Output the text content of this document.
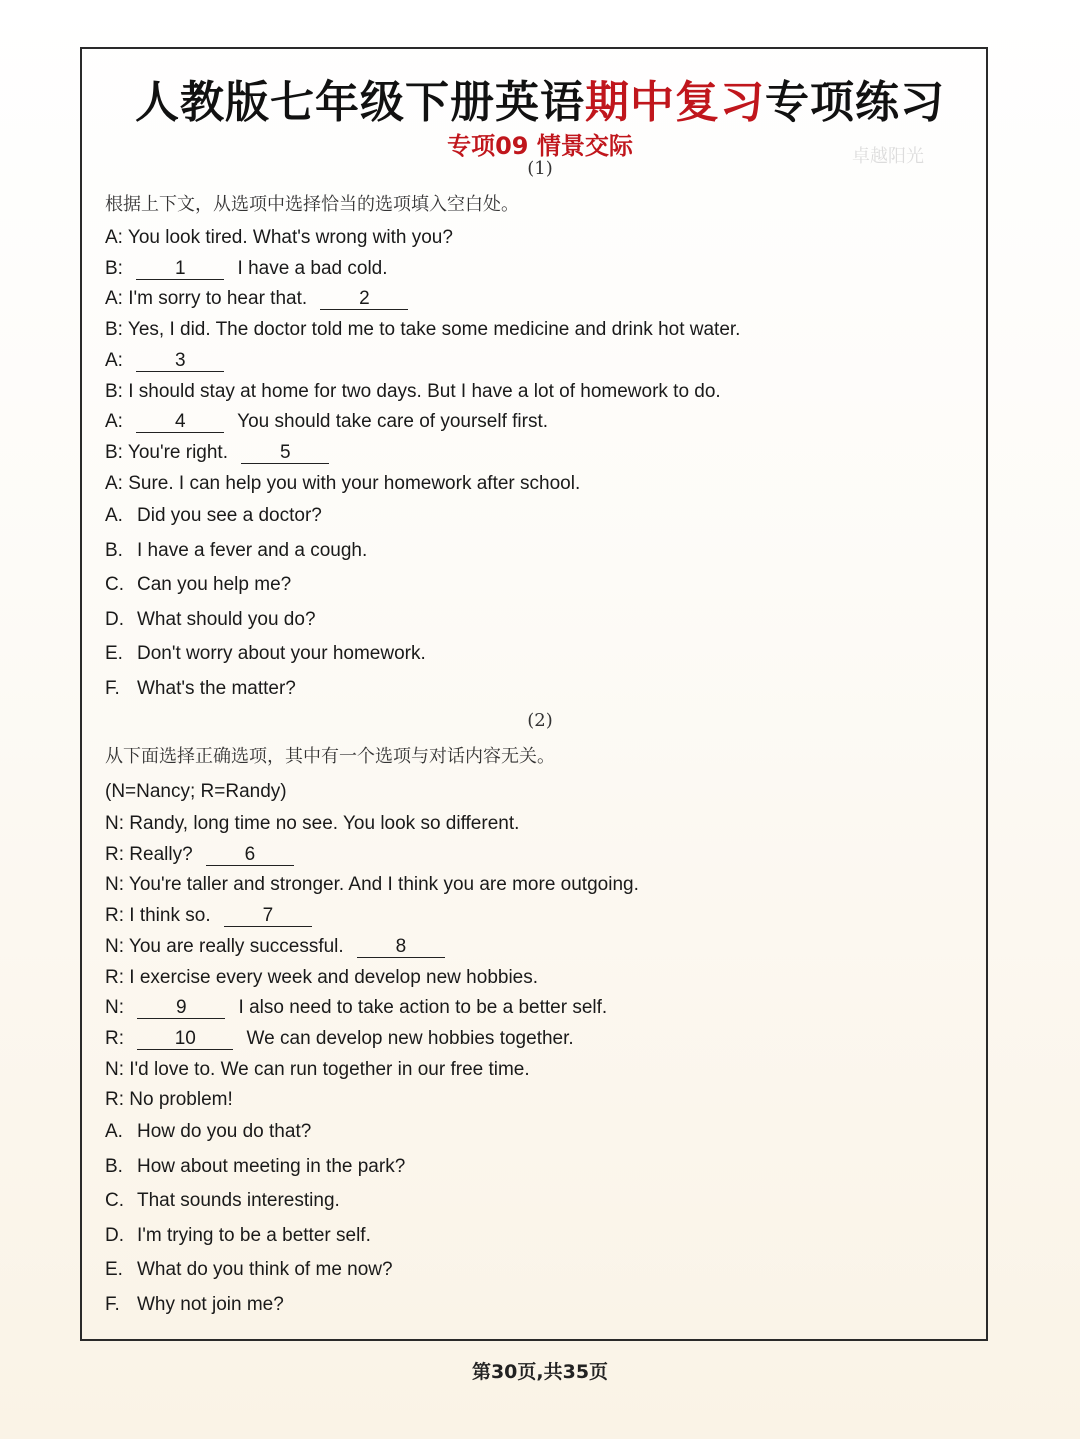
人教版七年级下册英语期中复习专项练习
专项09 情景交际	卓越阳光
(1)
根据上下文，从选项中选择恰当的选项填入空白处。
A: You look tired. What's wrong with you?
B: 1 I have a bad cold.
A: I'm sorry to hear that. 2
B: Yes, I did. The doctor told me to take some medicine and drink hot water.
A: 3
B: I should stay at home for two days. But I have a lot of homework to do.
A: 4 You should take care of yourself first.
B: You're right. 5
A: Sure. I can help you with your homework after school.
A. Did you see a doctor?
B. I have a fever and a cough.
C. Can you help me?
D. What should you do?
E. Don't worry about your homework.
F. What's the matter?
(2)
从下面选择正确选项，其中有一个选项与对话内容无关。
(N=Nancy; R=Randy)
N: Randy, long time no see. You look so different.
R: Really? 6
N: You're taller and stronger. And I think you are more outgoing.
R: I think so. 7
N: You are really successful. 8
R: I exercise every week and develop new hobbies.
N: 9 I also need to take action to be a better self.
R: 10 We can develop new hobbies together.
N: I'd love to. We can run together in our free time.
R: No problem!
A. How do you do that?
B. How about meeting in the park?
C. That sounds interesting.
D. I'm trying to be a better self.
E. What do you think of me now?
F. Why not join me?
第30页,共35页
